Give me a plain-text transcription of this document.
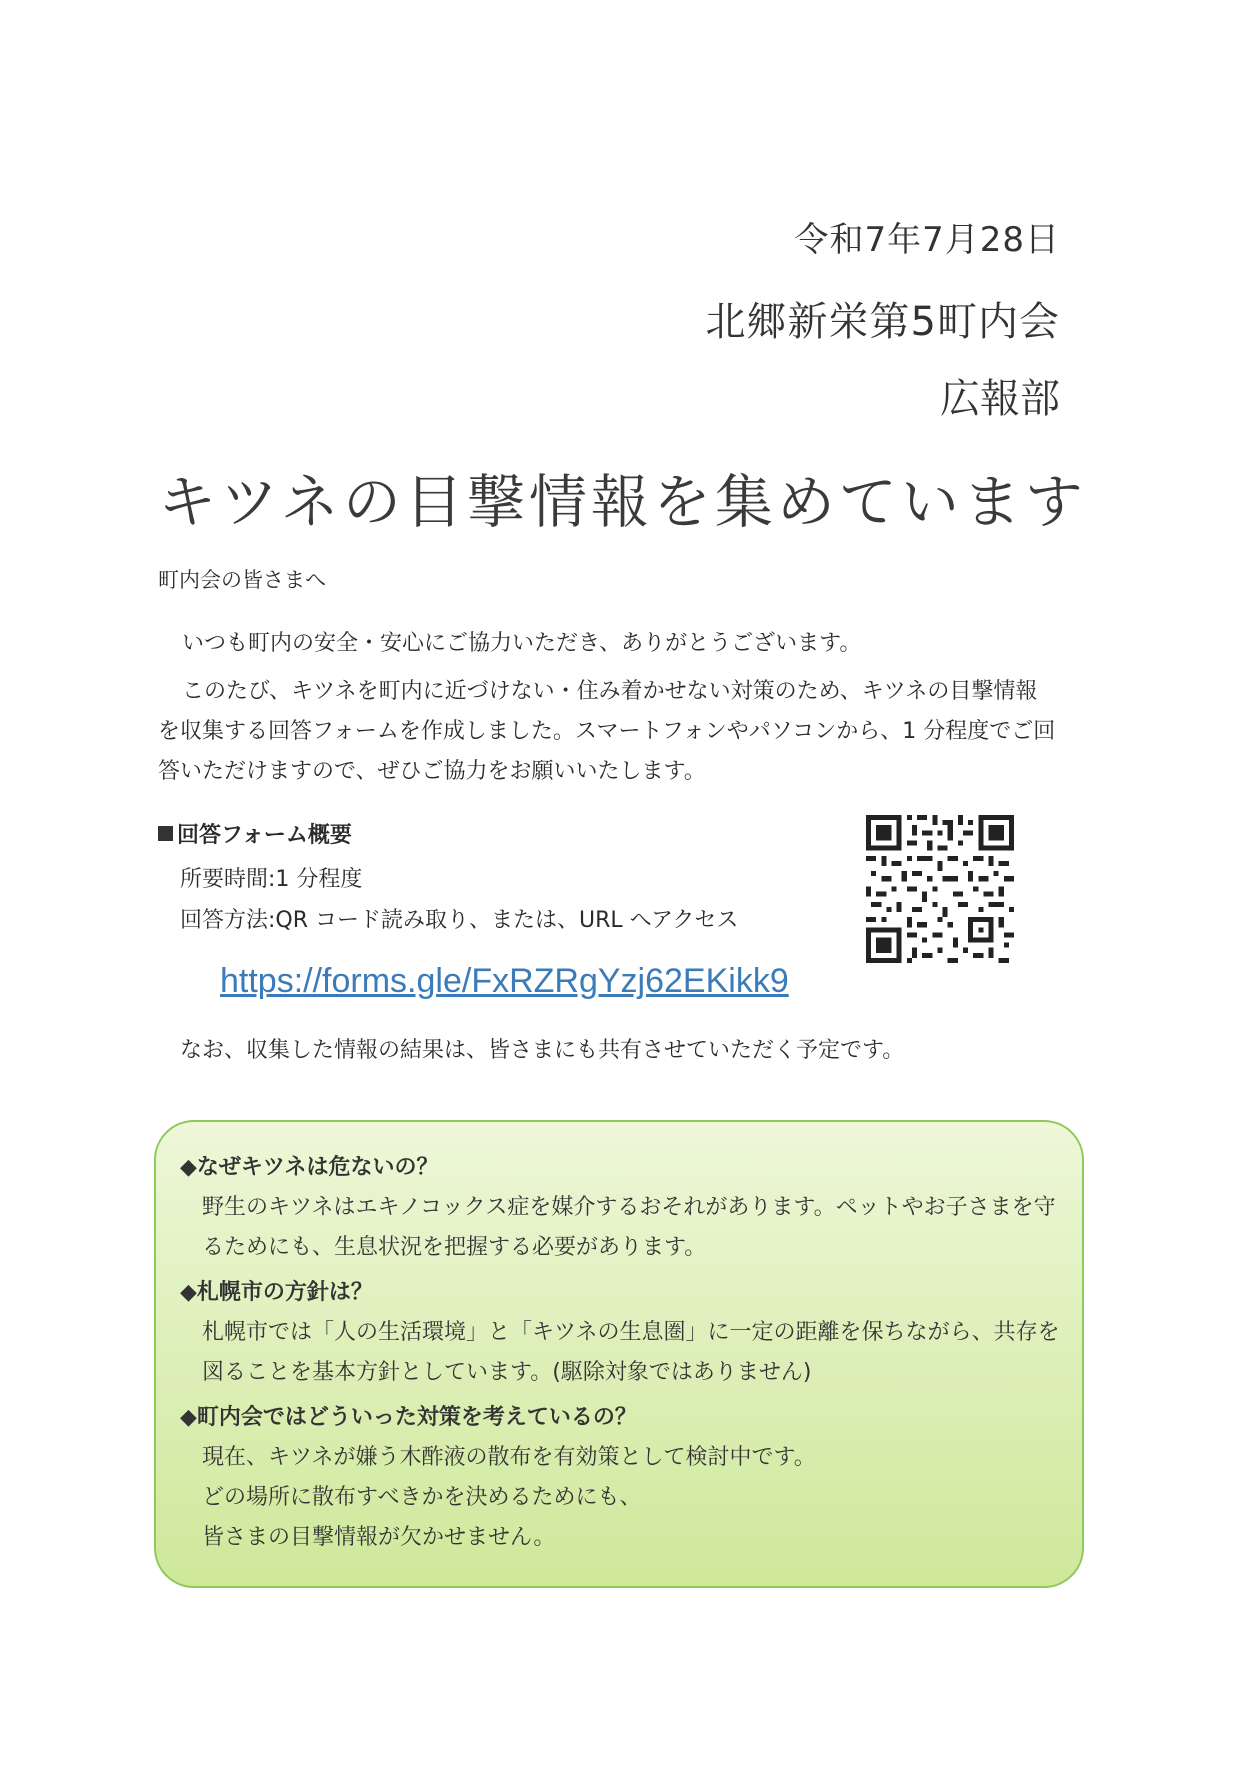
令和7年7月28日
北郷新栄第5町内会
広報部
キツネの目撃情報を集めています
町内会の皆さまへ
いつも町内の安全・安心にご協力いただき、ありがとうございます。
このたび、キツネを町内に近づけない・住み着かせない対策のため、キツネの目撃情報を収集する回答フォームを作成しました。スマートフォンやパソコンから、1 分程度でご回答いただけますので、ぜひご協力をお願いいたします。
回答フォーム概要
所要時間:1 分程度
回答方法:QR コード読み取り、または、URL へアクセス
https://forms.gle/FxRZRgYzj62EKikk9
なお、収集した情報の結果は、皆さまにも共有させていただく予定です。
◆なぜキツネは危ないの？
野生のキツネはエキノコックス症を媒介するおそれがあります。ペットやお子さまを守るためにも、生息状況を把握する必要があります。
◆札幌市の方針は？
札幌市では「人の生活環境」と「キツネの生息圏」に一定の距離を保ちながら、共存を図ることを基本方針としています。(駆除対象ではありません)
◆町内会ではどういった対策を考えているの？
現在、キツネが嫌う木酢液の散布を有効策として検討中です。
どの場所に散布すべきかを決めるためにも、
皆さまの目撃情報が欠かせません。
